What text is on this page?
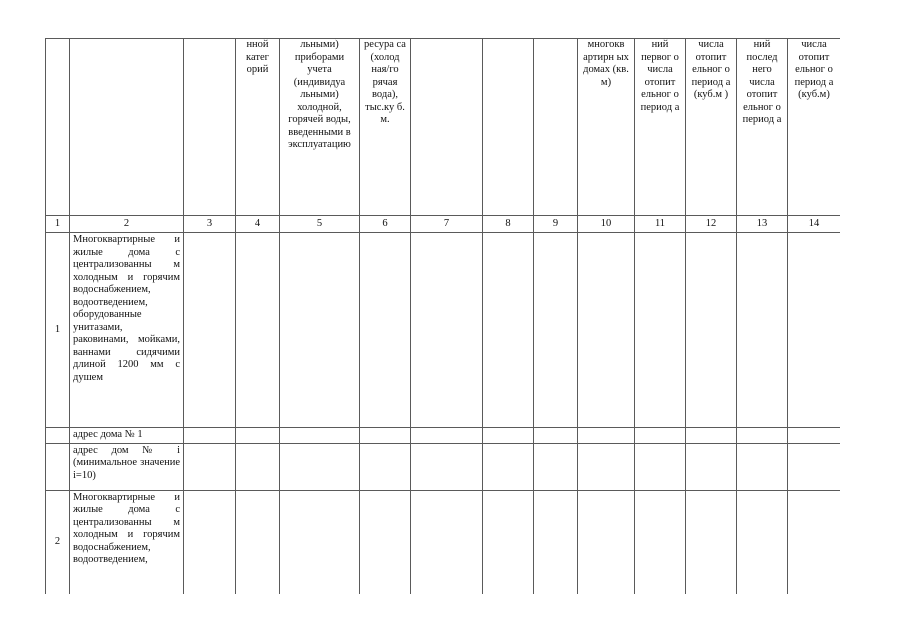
			нной катег орий	льными) приборами учета (индивидуа льными) холодной, горячей воды, введенными в эксплуатацию	ресура са (холод ная/го рячая вода), тыс.ку б. м.				многокв артирн ых домах (кв. м)	ний первог о числа отопит ельног о период а	числа отопит ельног о период а (куб.м )	ний послед него числа отопит ельног о период а	числа отопит ельног о период а (куб.м)
1	2	3	4	5	6	7	8	9	10	11	12	13	14
1	Многоквартирные и жилые дома с централизованны м холодным и горячим водоснабжением, водоотведением, оборудованные унитазами, раковинами, мойками, ваннами сидячими длиной 1200 мм с душем												
	адрес дома № 1												
	адрес дом № i (минимальное значение i=10)												
2	Многоквартирные и жилые дома с централизованны м холодным и горячим водоснабжением, водоотведением,												
